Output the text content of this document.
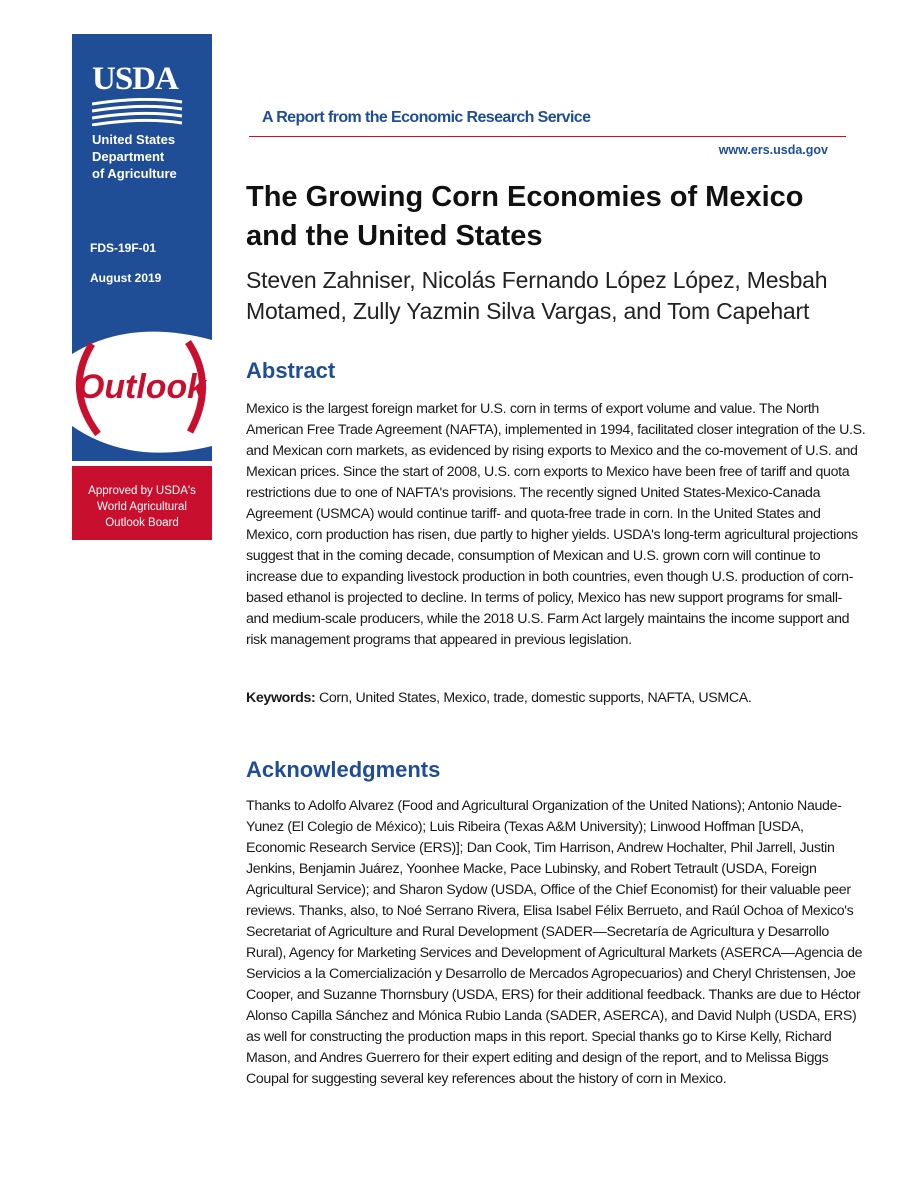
USDA
United States
Department
of Agriculture
FDS-19F-01
August 2019
Outlook
Approved by USDA's
World Agricultural
Outlook Board
A Report from the Economic Research Service
www.ers.usda.gov
The Growing Corn Economies of Mexico and the United States
Steven Zahniser, Nicolás Fernando López López, Mesbah Motamed, Zully Yazmin Silva Vargas, and Tom Capehart
Abstract

Mexico is the largest foreign market for U.S. corn in terms of export volume and value. The North American Free Trade Agreement (NAFTA), implemented in 1994, facilitated closer integration of the U.S. and Mexican corn markets, as evidenced by rising exports to Mexico and the co-movement of U.S. and Mexican prices. Since the start of 2008, U.S. corn exports to Mexico have been free of tariff and quota restrictions due to one of NAFTA's provisions. The recently signed United States-Mexico-Canada Agreement (USMCA) would continue tariff- and quota-free trade in corn. In the United States and Mexico, corn production has risen, due partly to higher yields. USDA's long-term agricultural projections suggest that in the coming decade, consumption of Mexican and U.S. grown corn will continue to increase due to expanding livestock production in both countries, even though U.S. production of corn-based ethanol is projected to decline. In terms of policy, Mexico has new support programs for small- and medium-scale producers, while the 2018 U.S. Farm Act largely maintains the income support and risk management programs that appeared in previous legislation.

Keywords: Corn, United States, Mexico, trade, domestic supports, NAFTA, USMCA.

Acknowledgments

Thanks to Adolfo Alvarez (Food and Agricultural Organization of the United Nations); Antonio Naude-Yunez (El Colegio de México); Luis Ribeira (Texas A&M University); Linwood Hoffman [USDA, Economic Research Service (ERS)]; Dan Cook, Tim Harrison, Andrew Hochalter, Phil Jarrell, Justin Jenkins, Benjamin Juárez, Yoonhee Macke, Pace Lubinsky, and Robert Tetrault (USDA, Foreign Agricultural Service); and Sharon Sydow (USDA, Office of the Chief Economist) for their valuable peer reviews. Thanks, also, to Noé Serrano Rivera, Elisa Isabel Félix Berrueto, and Raúl Ochoa of Mexico's Secretariat of Agriculture and Rural Development (SADER—Secretaría de Agricultura y Desarrollo Rural), Agency for Marketing Services and Development of Agricultural Markets (ASERCA—Agencia de Servicios a la Comercialización y Desarrollo de Mercados Agropecuarios) and Cheryl Christensen, Joe Cooper, and Suzanne Thornsbury (USDA, ERS) for their additional feedback. Thanks are due to Héctor Alonso Capilla Sánchez and Mónica Rubio Landa (SADER, ASERCA), and David Nulph (USDA, ERS) as well for constructing the production maps in this report. Special thanks go to Kirse Kelly, Richard Mason, and Andres Guerrero for their expert editing and design of the report, and to Melissa Biggs Coupal for suggesting several key references about the history of corn in Mexico.
